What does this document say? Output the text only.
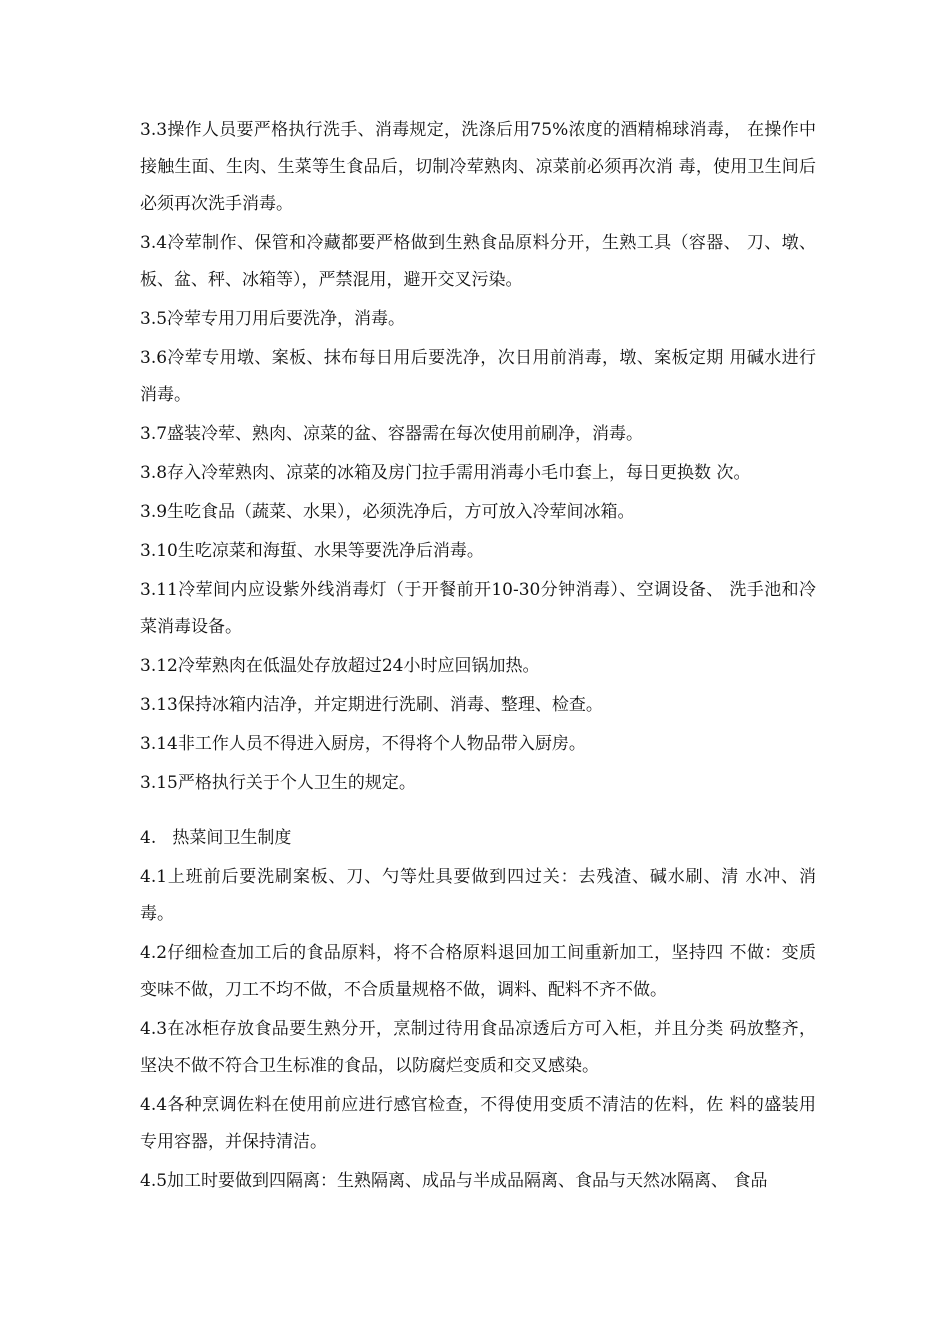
3.3操作人员要严格执行洗手、消毒规定，洗涤后用75%浓度的酒精棉球消毒， 在操作中接触生面、生肉、生菜等生食品后，切制冷荤熟肉、凉菜前必须再次消 毒，使用卫生间后必须再次洗手消毒。

3.4冷荤制作、保管和冷藏都要严格做到生熟食品原料分开，生熟工具（容器、 刀、墩、板、盆、秤、冰箱等），严禁混用，避开交叉污染。

3.5冷荤专用刀用后要洗净，消毒。

3.6冷荤专用墩、案板、抹布每日用后要洗净，次日用前消毒，墩、案板定期 用碱水进行消毒。

3.7盛装冷荤、熟肉、凉菜的盆、容器需在每次使用前刷净，消毒。

3.8存入冷荤熟肉、凉菜的冰箱及房门拉手需用消毒小毛巾套上，每日更换数 次。

3.9生吃食品（蔬菜、水果），必须洗净后，方可放入冷荤间冰箱。

3.10生吃凉菜和海蜇、水果等要洗净后消毒。

3.11冷荤间内应设紫外线消毒灯（于开餐前开10-30分钟消毒）、空调设备、 洗手池和冷菜消毒设备。

3.12冷荤熟肉在低温处存放超过24小时应回锅加热。

3.13保持冰箱内洁净，并定期进行洗刷、消毒、整理、检查。

3.14非工作人员不得进入厨房，不得将个人物品带入厨房。

3.15严格执行关于个人卫生的规定。

4.   热菜间卫生制度

4.1上班前后要洗刷案板、刀、勺等灶具要做到四过关：去残渣、碱水刷、清 水冲、消毒。

4.2仔细检查加工后的食品原料，将不合格原料退回加工间重新加工，坚持四 不做：变质变味不做，刀工不均不做，不合质量规格不做，调料、配料不齐不做。

4.3在冰柜存放食品要生熟分开，烹制过待用食品凉透后方可入柜，并且分类 码放整齐，坚决不做不符合卫生标准的食品，以防腐烂变质和交叉感染。

4.4各种烹调佐料在使用前应进行感官检查，不得使用变质不清洁的佐料，佐 料的盛装用专用容器，并保持清洁。

4.5加工时要做到四隔离：生熟隔离、成品与半成品隔离、食品与天然冰隔离、 食品
